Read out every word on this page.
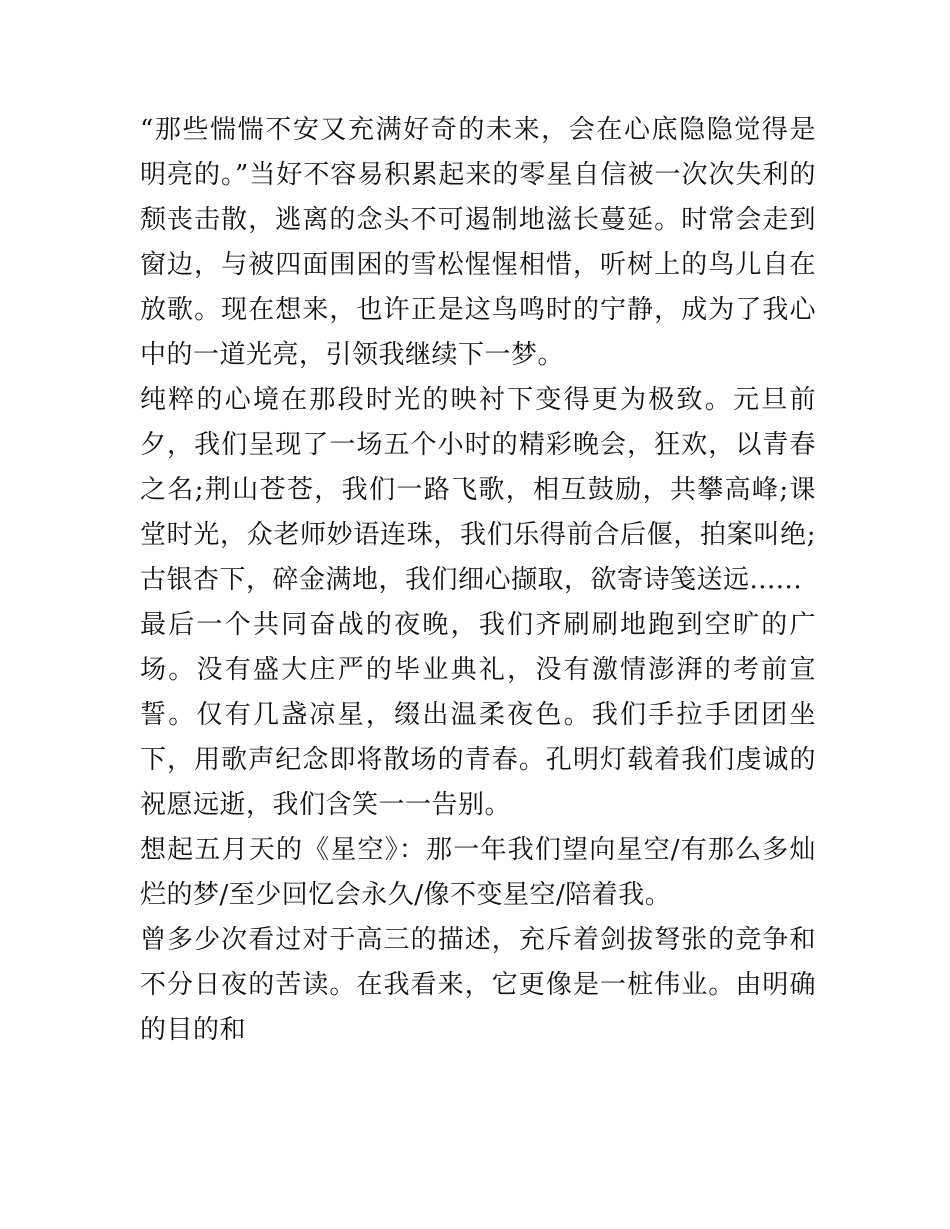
“那些惴惴不安又充满好奇的未来，会在心底隐隐觉得是明亮的。”当好不容易积累起来的零星自信被一次次失利的颓丧击散，逃离的念头不可遏制地滋长蔓延。时常会走到窗边，与被四面围困的雪松惺惺相惜，听树上的鸟儿自在放歌。现在想来，也许正是这鸟鸣时的宁静，成为了我心中的一道光亮，引领我继续下一梦。

纯粹的心境在那段时光的映衬下变得更为极致。元旦前夕，我们呈现了一场五个小时的精彩晚会，狂欢，以青春之名;荆山苍苍，我们一路飞歌，相互鼓励，共攀高峰;课堂时光，众老师妙语连珠，我们乐得前合后偃，拍案叫绝;古银杏下，碎金满地，我们细心撷取，欲寄诗笺送远......

最后一个共同奋战的夜晚，我们齐刷刷地跑到空旷的广场。没有盛大庄严的毕业典礼，没有激情澎湃的考前宣誓。仅有几盏凉星，缀出温柔夜色。我们手拉手团团坐下，用歌声纪念即将散场的青春。孔明灯载着我们虔诚的祝愿远逝，我们含笑一一告别。

想起五月天的《星空》：那一年我们望向星空/有那么多灿烂的梦/至少回忆会永久/像不变星空/陪着我。

曾多少次看过对于高三的描述，充斥着剑拔弩张的竞争和不分日夜的苦读。在我看来，它更像是一桩伟业。由明确的目的和
